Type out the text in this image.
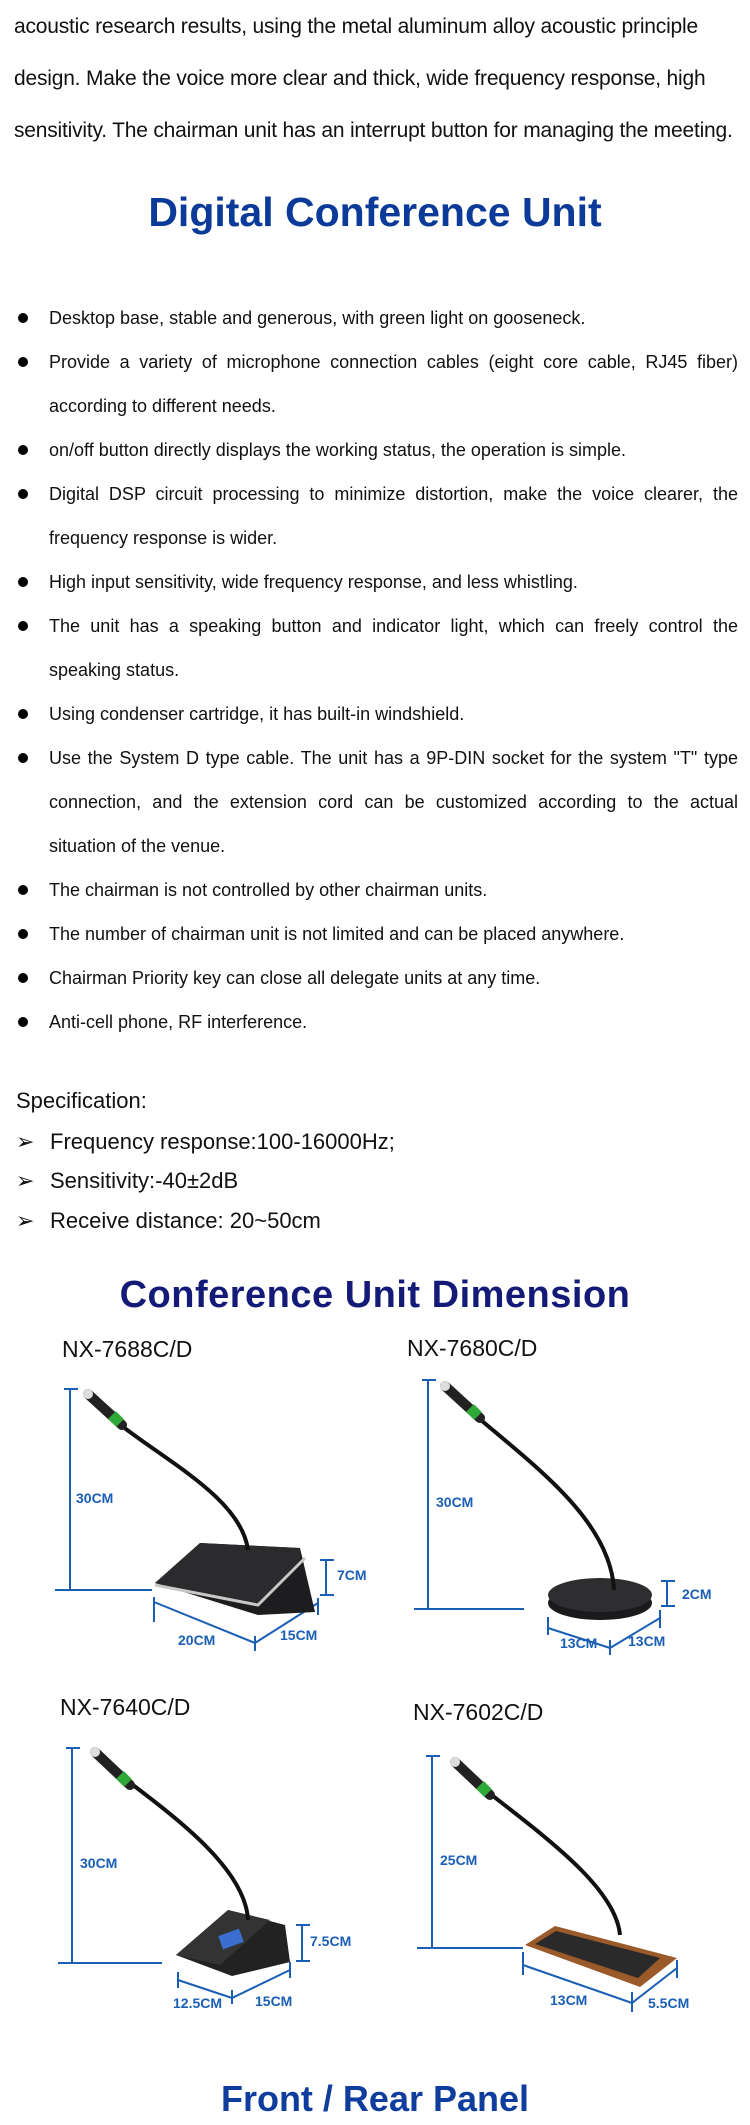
acoustic research results, using the metal aluminum alloy acoustic principle
design. Make the voice more clear and thick, wide frequency response, high
sensitivity. The chairman unit has an interrupt button for managing the meeting.
Digital Conference Unit
Desktop base, stable and generous, with green light on gooseneck.
Provide a variety of microphone connection cables (eight core cable, RJ45 fiber) according to different needs.
on/off button directly displays the working status, the operation is simple.
Digital DSP circuit processing to minimize distortion, make the voice clearer, the frequency response is wider.
High input sensitivity, wide frequency response, and less whistling.
The unit has a speaking button and indicator light, which can freely control the speaking status.
Using condenser cartridge, it has built-in windshield.
Use the System D type cable. The unit has a 9P-DIN socket for the system "T" type connection, and the extension cord can be customized according to the actual situation of the venue.
The chairman is not controlled by other chairman units.
The number of chairman unit is not limited and can be placed anywhere.
Chairman Priority key can close all delegate units at any time.
Anti-cell phone, RF interference.
Specification:
➢ Frequency response:100-16000Hz;
➢ Sensitivity:-40±2dB
➢ Receive distance: 20~50cm
Conference Unit Dimension
NX-7688C/D	NX-7680C/D
NX-7640C/D	NX-7602C/D
30CM
7CM
20CM	15CM
30CM
2CM
13CM 13CM
30CM
7.5CM
12.5CM 15CM
25CM
13CM	5.5CM
Front / Rear Panel
